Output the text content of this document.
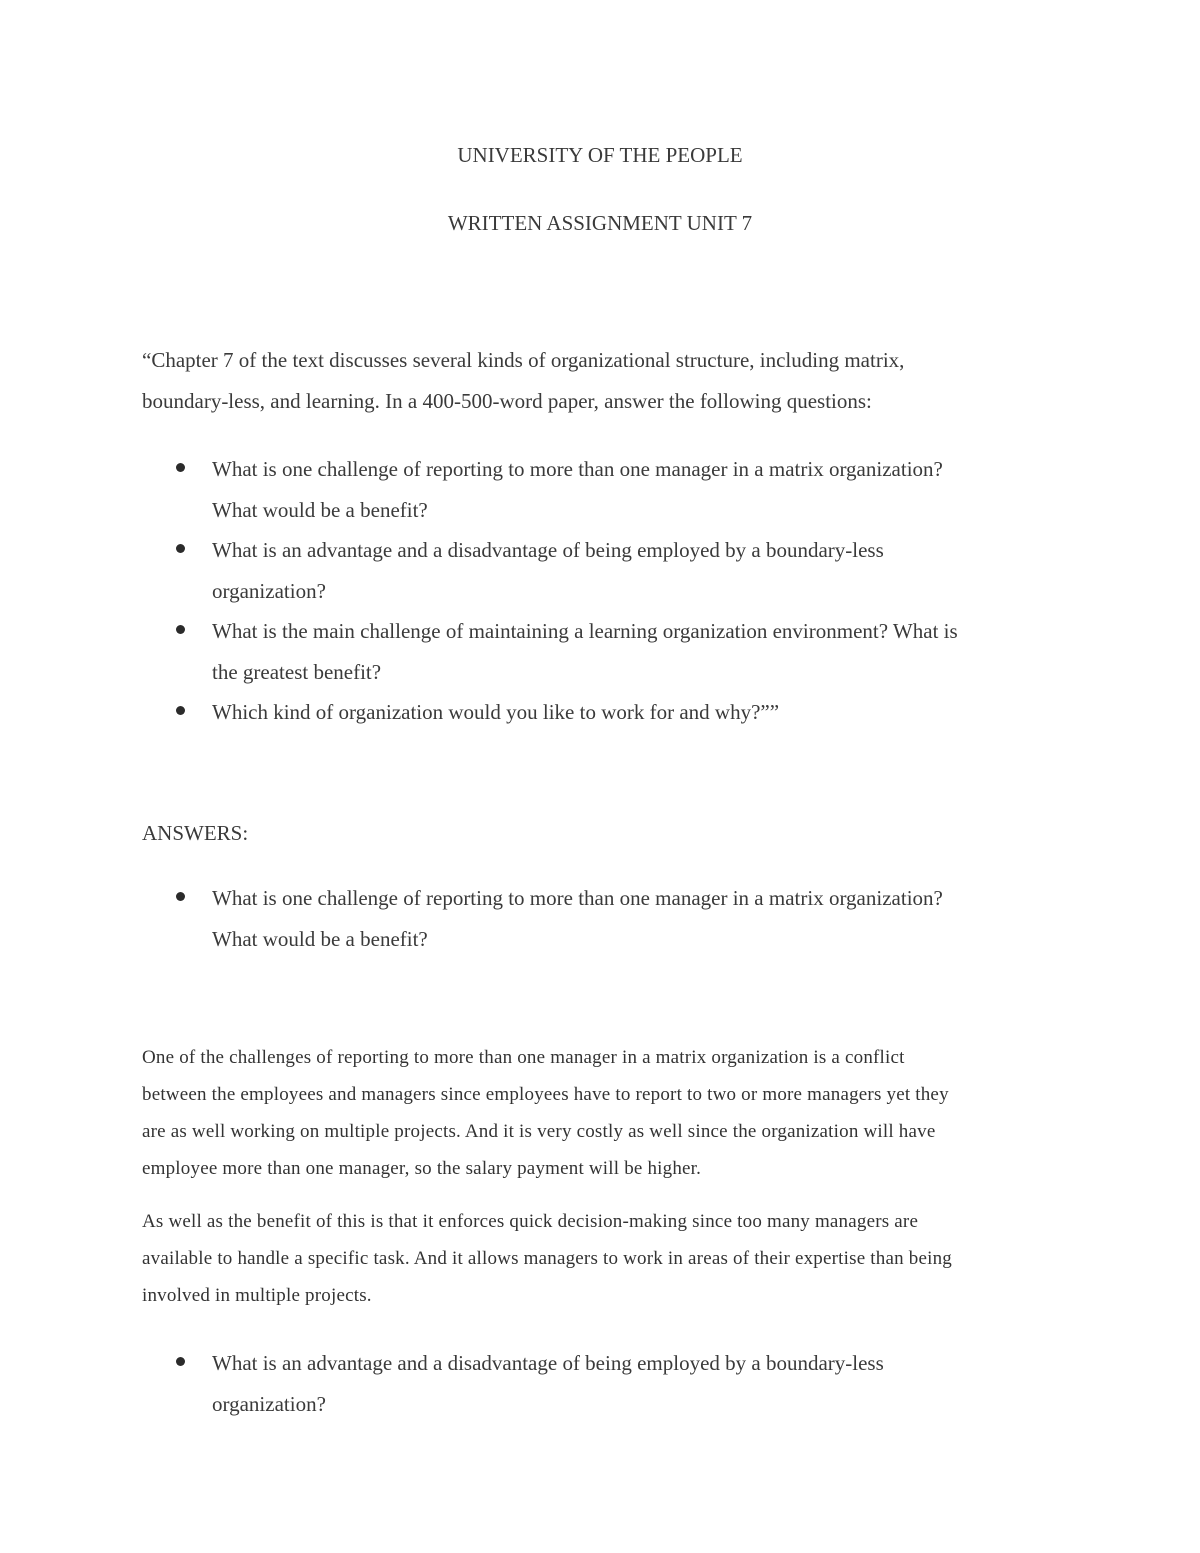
UNIVERSITY OF THE PEOPLE
WRITTEN ASSIGNMENT UNIT 7
“Chapter 7 of the text discusses several kinds of organizational structure, including matrix,
boundary-less, and learning. In a 400-500-word paper, answer the following questions:
What is one challenge of reporting to more than one manager in a matrix organization?
What would be a benefit?
What is an advantage and a disadvantage of being employed by a boundary-less
organization?
What is the main challenge of maintaining a learning organization environment? What is
the greatest benefit?
Which kind of organization would you like to work for and why?””
ANSWERS:
What is one challenge of reporting to more than one manager in a matrix organization?
What would be a benefit?
One of the challenges of reporting to more than one manager in a matrix organization is a conflict
between the employees and managers since employees have to report to two or more managers yet they
are as well working on multiple projects. And it is very costly as well since the organization will have
employee more than one manager, so the salary payment will be higher.
As well as the benefit of this is that it enforces quick decision-making since too many managers are
available to handle a specific task. And it allows managers to work in areas of their expertise than being
involved in multiple projects.
What is an advantage and a disadvantage of being employed by a boundary-less
organization?
